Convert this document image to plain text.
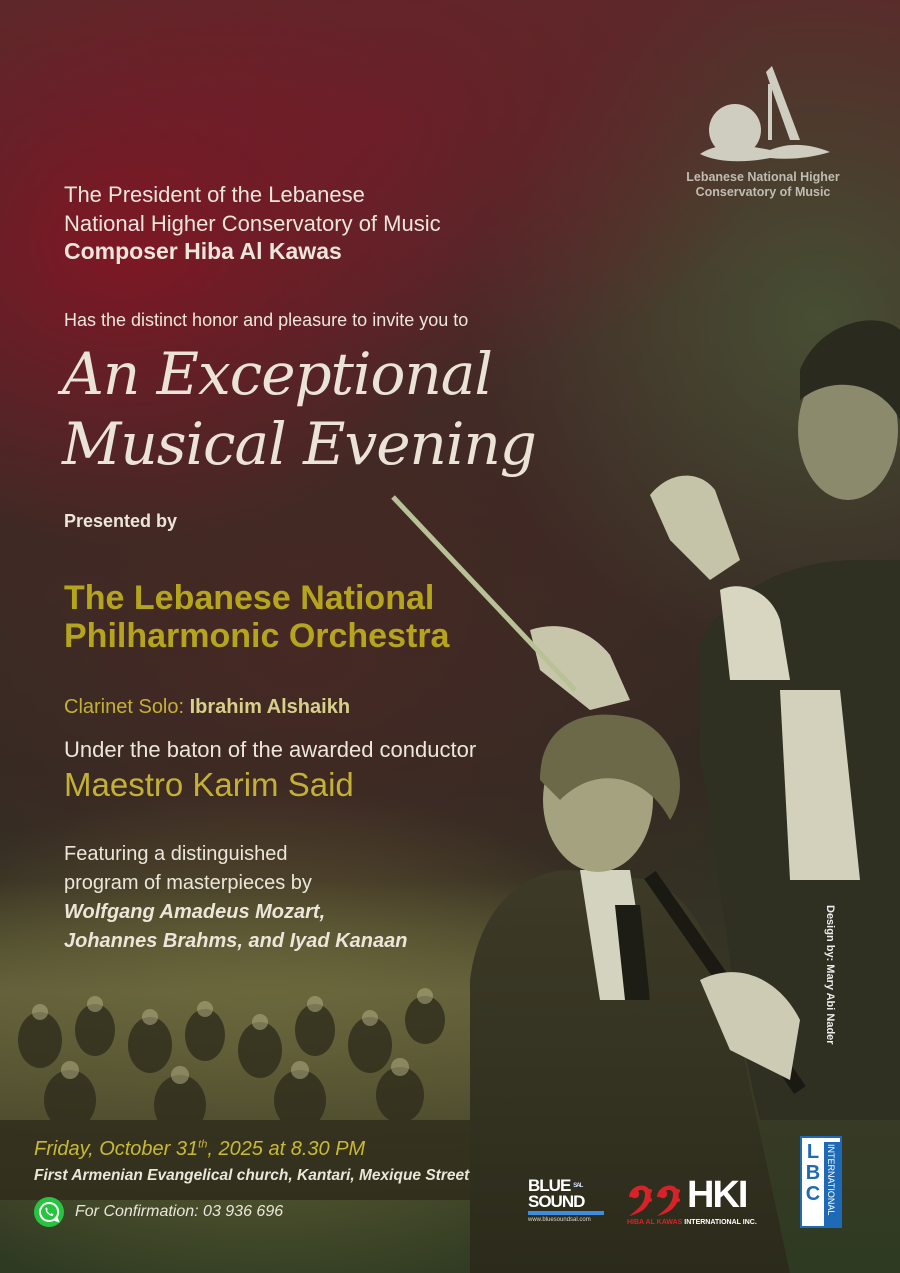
Lebanese National Higher
Conservatory of Music
The President of the Lebanese
National Higher Conservatory of Music
Composer Hiba Al Kawas
Has the distinct honor and pleasure to invite you to
An Exceptional
Musical Evening
Presented by
The Lebanese National
Philharmonic Orchestra
Clarinet Solo: Ibrahim Alshaikh
Under the baton of the awarded conductor
Maestro Karim Said
Featuring a distinguished
program of masterpieces by
Wolfgang Amadeus Mozart,
Johannes Brahms, and Iyad Kanaan
Friday, October 31th, 2025 at 8.30 PM
First Armenian Evangelical church, Kantari, Mexique Street
For Confirmation: 03 936 696
Design by: Mary Abi Nader
BLUE $^{SAL}$
SOUND
www.bluesoundsal.com
HKI
HIBA AL KAWAS INTERNATIONAL INC.
L
B
C INTERNATIONAL
